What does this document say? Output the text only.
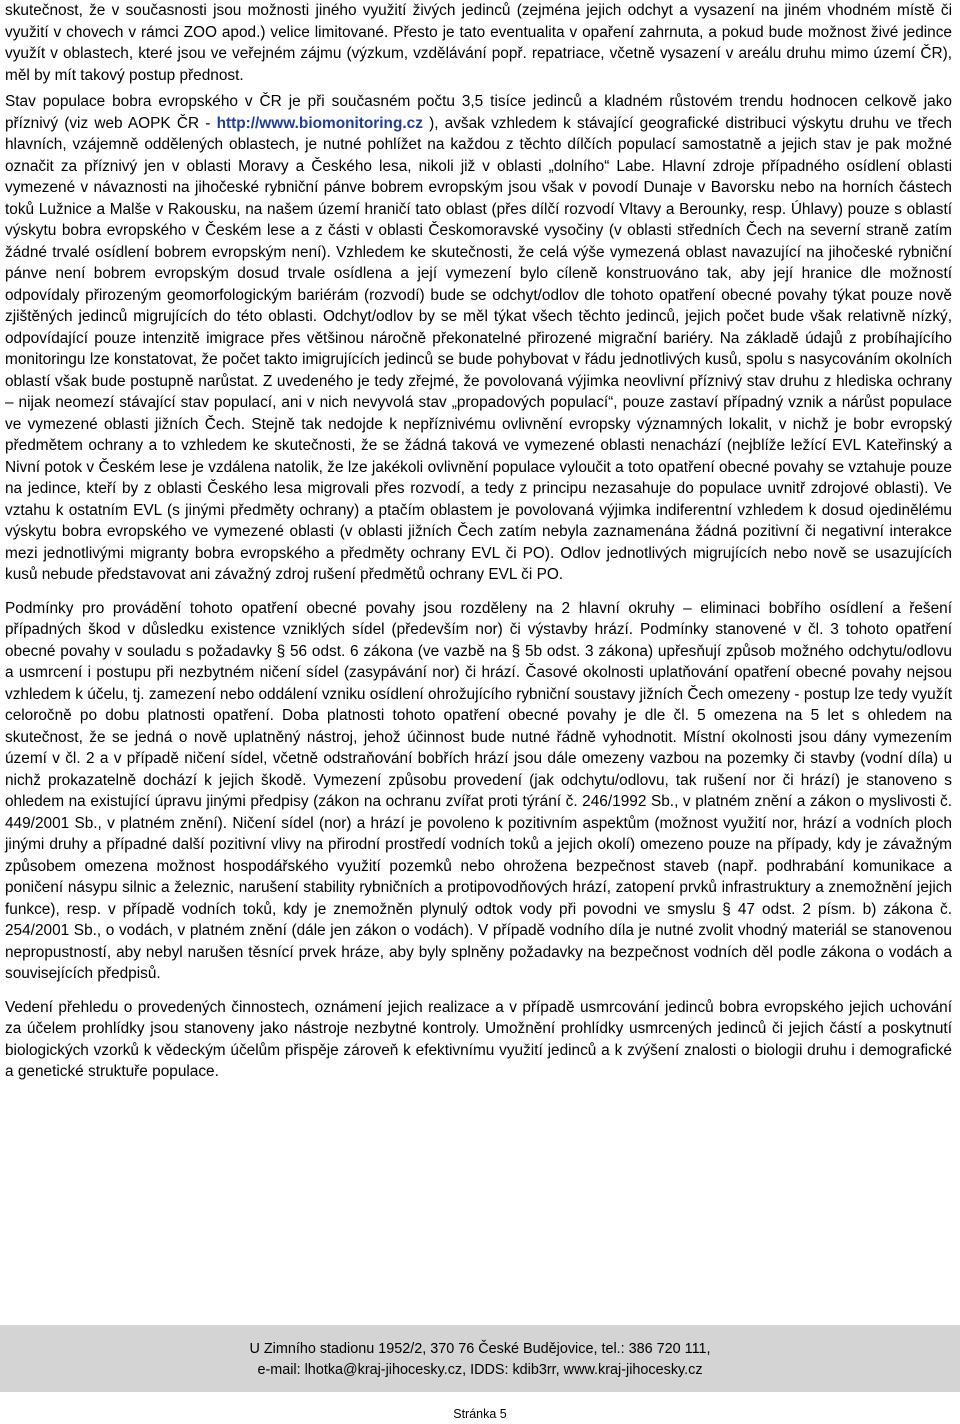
skutečnost, že v současnosti jsou možnosti jiného využití živých jedinců (zejména jejich odchyt a vysazení na jiném vhodném místě či využití v chovech v rámci ZOO apod.) velice limitované. Přesto je tato eventualita v opaření zahrnuta, a pokud bude možnost živé jedince využít v oblastech, které jsou ve veřejném zájmu (výzkum, vzdělávání popř. repatriace, včetně vysazení v areálu druhu mimo území ČR), měl by mít takový postup přednost.

Stav populace bobra evropského v ČR je při současném počtu 3,5 tisíce jedinců a kladném růstovém trendu hodnocen celkově jako příznivý (viz web AOPK ČR - http://www.biomonitoring.cz ), avšak vzhledem k stávající geografické distribuci výskytu druhu ve třech hlavních, vzájemně oddělených oblastech, je nutné pohlížet na každou z těchto dílčích populací samostatně a jejich stav je pak možné označit za příznivý jen v oblasti Moravy a Českého lesa, nikoli již v oblasti „dolního“ Labe. Hlavní zdroje případného osídlení oblasti vymezené v návaznosti na jihočeské rybniční pánve bobrem evropským jsou však v povodí Dunaje v Bavorsku nebo na horních částech toků Lužnice a Malše v Rakousku, na našem území hraničí tato oblast (přes dílčí rozvodí Vltavy a Berounky, resp. Úhlavy) pouze s oblastí výskytu bobra evropského v Českém lese a z části v oblasti Českomoravské vysočiny (v oblasti středních Čech na severní straně zatím žádné trvalé osídlení bobrem evropským není). Vzhledem ke skutečnosti, že celá výše vymezená oblast navazující na jihočeské rybniční pánve není bobrem evropským dosud trvale osídlena a její vymezení bylo cíleně konstruováno tak, aby její hranice dle možností odpovídaly přirozeným geomorfologickým bariérám (rozvodí) bude se odchyt/odlov dle tohoto opatření obecné povahy týkat pouze nově zjištěných jedinců migrujících do této oblasti. Odchyt/odlov by se měl týkat všech těchto jedinců, jejich počet bude však relativně nízký, odpovídající pouze intenzitě imigrace přes většinou náročně překonatelné přirozené migrační bariéry. Na základě údajů z probíhajícího monitoringu lze konstatovat, že počet takto imigrujících jedinců se bude pohybovat v řádu jednotlivých kusů, spolu s nasycováním okolních oblastí však bude postupně narůstat. Z uvedeného je tedy zřejmé, že povolovaná výjimka neovlivní příznivý stav druhu z hlediska ochrany – nijak neomezí stávající stav populací, ani v nich nevyvolá stav „propadových populací“, pouze zastaví případný vznik a nárůst populace ve vymezené oblasti jižních Čech. Stejně tak nedojde k nepříznivému ovlivnění evropsky významných lokalit, v nichž je bobr evropský předmětem ochrany a to vzhledem ke skutečnosti, že se žádná taková ve vymezené oblasti nenachází (nejblíže ležící EVL Kateřinský a Nivní potok v Českém lese je vzdálena natolik, že lze jakékoli ovlivnění populace vyloučit a toto opatření obecné povahy se vztahuje pouze na jedince, kteří by z oblasti Českého lesa migrovali přes rozvodí, a tedy z principu nezasahuje do populace uvnitř zdrojové oblasti). Ve vztahu k ostatním EVL (s jinými předměty ochrany) a ptačím oblastem je povolovaná výjimka indiferentní vzhledem k dosud ojedinělému výskytu bobra evropského ve vymezené oblasti (v oblasti jižních Čech zatím nebyla zaznamenána žádná pozitivní či negativní interakce mezi jednotlivými migranty bobra evropského a předměty ochrany EVL či PO). Odlov jednotlivých migrujících nebo nově se usazujících kusů nebude představovat ani závažný zdroj rušení předmětů ochrany EVL či PO.

Podmínky pro provádění tohoto opatření obecné povahy jsou rozděleny na 2 hlavní okruhy – eliminaci bobřího osídlení a řešení případných škod v důsledku existence vzniklých sídel (především nor) či výstavby hrází. Podmínky stanovené v čl. 3 tohoto opatření obecné povahy v souladu s požadavky § 56 odst. 6 zákona (ve vazbě na § 5b odst. 3 zákona) upřesňují způsob možného odchytu/odlovu a usmrcení i postupu při nezbytném ničení sídel (zasypávání nor) či hrází. Časové okolnosti uplatňování opatření obecné povahy nejsou vzhledem k účelu, tj. zamezení nebo oddálení vzniku osídlení ohrožujícího rybniční soustavy jižních Čech omezeny - postup lze tedy využít celoročně po dobu platnosti opatření. Doba platnosti tohoto opatření obecné povahy je dle čl. 5 omezena na 5 let s ohledem na skutečnost, že se jedná o nově uplatněný nástroj, jehož účinnost bude nutné řádně vyhodnotit. Místní okolnosti jsou dány vymezením území v čl. 2 a v případě ničení sídel, včetně odstraňování bobřích hrází jsou dále omezeny vazbou na pozemky či stavby (vodní díla) u nichž prokazatelně dochází k jejich škodě. Vymezení způsobu provedení (jak odchytu/odlovu, tak rušení nor či hrází) je stanoveno s ohledem na existující úpravu jinými předpisy (zákon na ochranu zvířat proti týrání č. 246/1992 Sb., v platném znění a zákon o myslivosti č. 449/2001 Sb., v platném znění). Ničení sídel (nor) a hrází je povoleno k pozitivním aspektům (možnost využití nor, hrází a vodních ploch jinými druhy a případné další pozitivní vlivy na přirodní prostředí vodních toků a jejich okolí) omezeno pouze na případy, kdy je závažným způsobem omezena možnost hospodářského využití pozemků nebo ohrožena bezpečnost staveb (např. podhrabání komunikace a poničení násypu silnic a železnic, narušení stability rybničních a protipovodňových hrází, zatopení prvků infrastruktury a znemožnění jejich funkce), resp. v případě vodních toků, kdy je znemožněn plynulý odtok vody při povodni ve smyslu § 47 odst. 2 písm. b) zákona č. 254/2001 Sb., o vodách, v platném znění (dále jen zákon o vodách). V případě vodního díla je nutné zvolit vhodný materiál se stanovenou nepropustností, aby nebyl narušen těsnící prvek hráze, aby byly splněny požadavky na bezpečnost vodních děl podle zákona o vodách a souvisejících předpisů.

Vedení přehledu o provedených činnostech, oznámení jejich realizace a v případě usmrcování jedinců bobra evropského jejich uchování za účelem prohlídky jsou stanoveny jako nástroje nezbytné kontroly. Umožnění prohlídky usmrcených jedinců či jejich částí a poskytnutí biologických vzorků k vědeckým účelům přispěje zároveň k efektivnímu využití jedinců a k zvýšení znalosti o biologii druhu i demografické a genetické struktuře populace.

U Zimního stadionu 1952/2, 370 76 České Budějovice, tel.: 386 720 111,
e-mail: lhotka@kraj-jihocesky.cz, IDDS: kdib3rr, www.kraj-jihocesky.cz
Stránka 5
